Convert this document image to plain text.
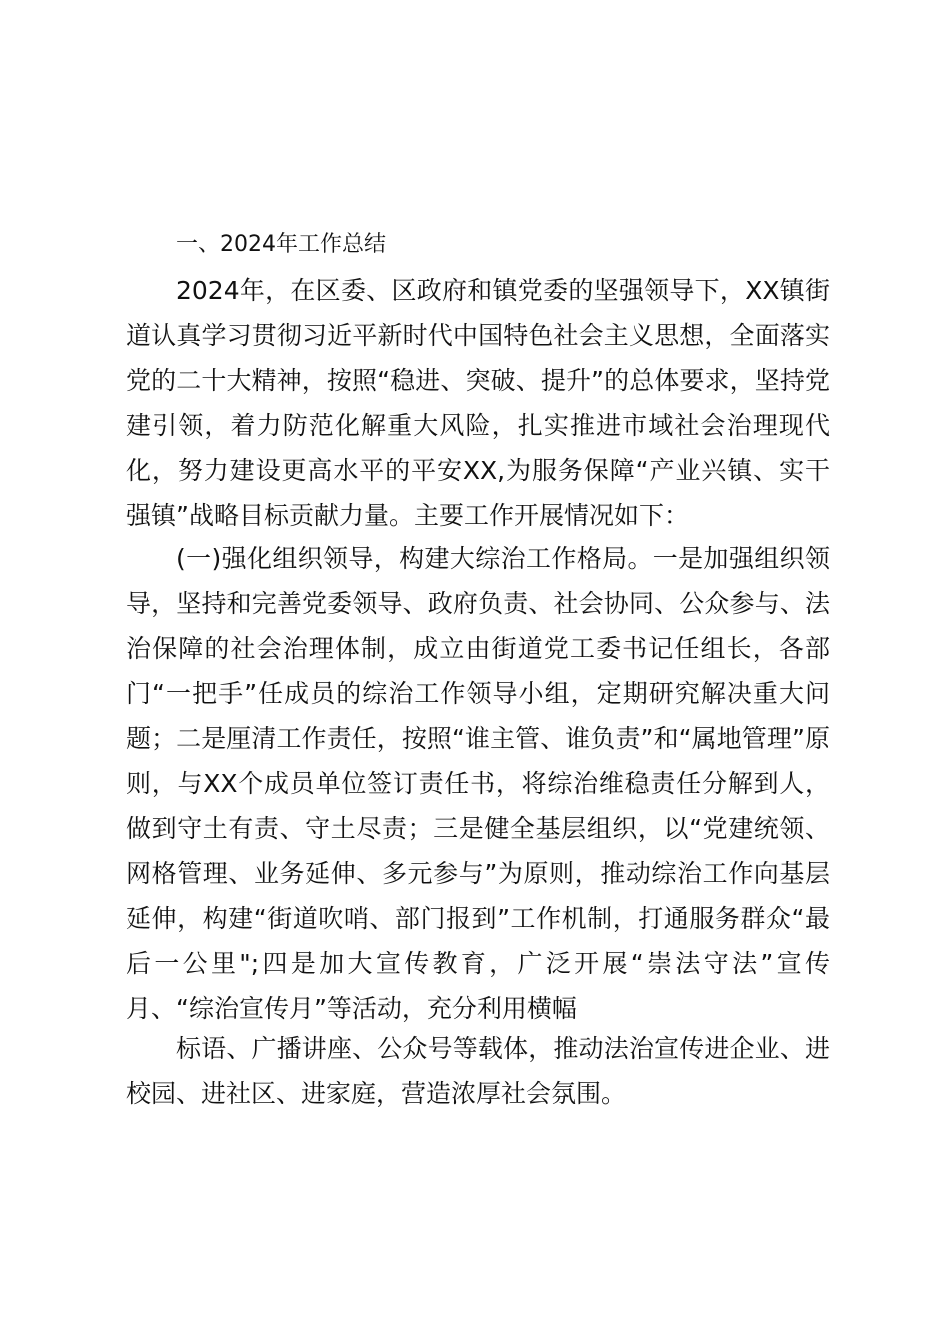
一、2024年工作总结

2024年，在区委、区政府和镇党委的坚强领导下，XX镇街道认真学习贯彻习近平新时代中国特色社会主义思想，全面落实党的二十大精神，按照“稳进、突破、提升”的总体要求，坚持党建引领，着力防范化解重大风险，扎实推进市域社会治理现代化，努力建设更高水平的平安XX,为服务保障“产业兴镇、实干强镇”战略目标贡献力量。主要工作开展情况如下：

(一)强化组织领导，构建大综治工作格局。一是加强组织领导，坚持和完善党委领导、政府负责、社会协同、公众参与、法治保障的社会治理体制，成立由街道党工委书记任组长，各部门“一把手”任成员的综治工作领导小组，定期研究解决重大问题；二是厘清工作责任，按照“谁主管、谁负责”和“属地管理”原则，与XX个成员单位签订责任书，将综治维稳责任分解到人，做到守土有责、守土尽责；三是健全基层组织，以“党建统领、网格管理、业务延伸、多元参与”为原则，推动综治工作向基层延伸，构建“街道吹哨、部门报到”工作机制，打通服务群众“最后一公里";四是加大宣传教育，广泛开展“崇法守法”宣传月、“综治宣传月”等活动，充分利用横幅

标语、广播讲座、公众号等载体，推动法治宣传进企业、进校园、进社区、进家庭，营造浓厚社会氛围。
